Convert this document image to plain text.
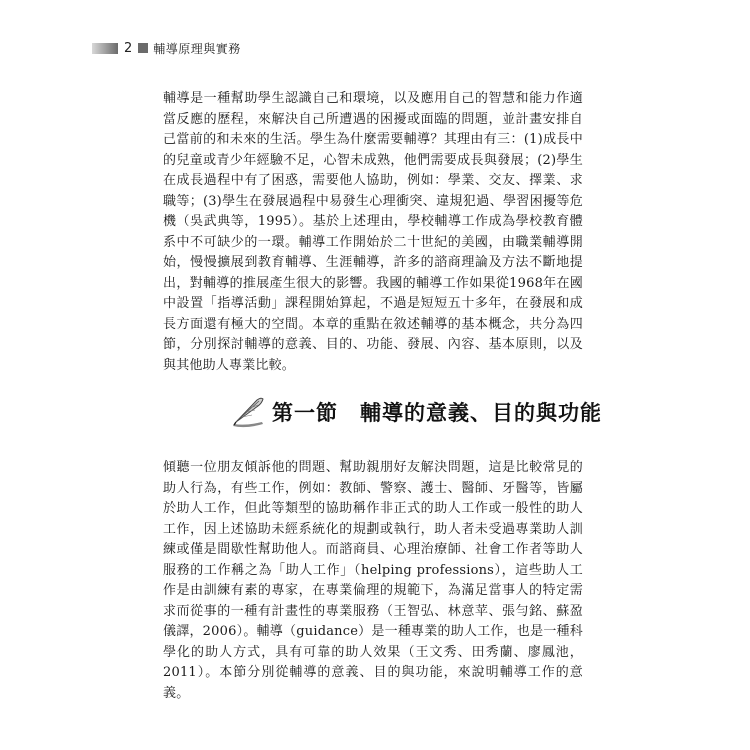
2 輔導原理與實務

輔導是一種幫助學生認識自己和環境，以及應用自己的智慧和能力作適當反應的歷程，來解決自己所遭遇的困擾或面臨的問題，並計畫安排自己當前的和未來的生活。學生為什麼需要輔導？其理由有三：(1)成長中的兒童或青少年經驗不足，心智未成熟，他們需要成長與發展；(2)學生在成長過程中有了困惑，需要他人協助，例如：學業、交友、擇業、求職等；(3)學生在發展過程中易發生心理衝突、違規犯過、學習困擾等危機（吳武典等，1995）。基於上述理由，學校輔導工作成為學校教育體系中不可缺少的一環。輔導工作開始於二十世紀的美國，由職業輔導開始，慢慢擴展到教育輔導、生涯輔導，許多的諮商理論及方法不斷地提出，對輔導的推展產生很大的影響。我國的輔導工作如果從1968年在國中設置「指導活動」課程開始算起，不過是短短五十多年，在發展和成長方面還有極大的空間。本章的重點在敘述輔導的基本概念，共分為四節，分別探討輔導的意義、目的、功能、發展、內容、基本原則，以及與其他助人專業比較。

第一節　輔導的意義、目的與功能

傾聽一位朋友傾訴他的問題、幫助親朋好友解決問題，這是比較常見的助人行為，有些工作，例如：教師、警察、護士、醫師、牙醫等，皆屬於助人工作，但此等類型的協助稱作非正式的助人工作或一般性的助人工作，因上述協助未經系統化的規劃或執行，助人者未受過專業助人訓練或僅是間歇性幫助他人。而諮商員、心理治療師、社會工作者等助人服務的工作稱之為「助人工作」（helping professions），這些助人工作是由訓練有素的專家，在專業倫理的規範下，為滿足當事人的特定需求而從事的一種有計畫性的專業服務（王智弘、林意苹、張勻銘、蘇盈儀譯，2006）。輔導（guidance）是一種專業的助人工作，也是一種科學化的助人方式，具有可靠的助人效果（王文秀、田秀蘭、廖鳳池，2011）。本節分別從輔導的意義、目的與功能，來說明輔導工作的意義。
